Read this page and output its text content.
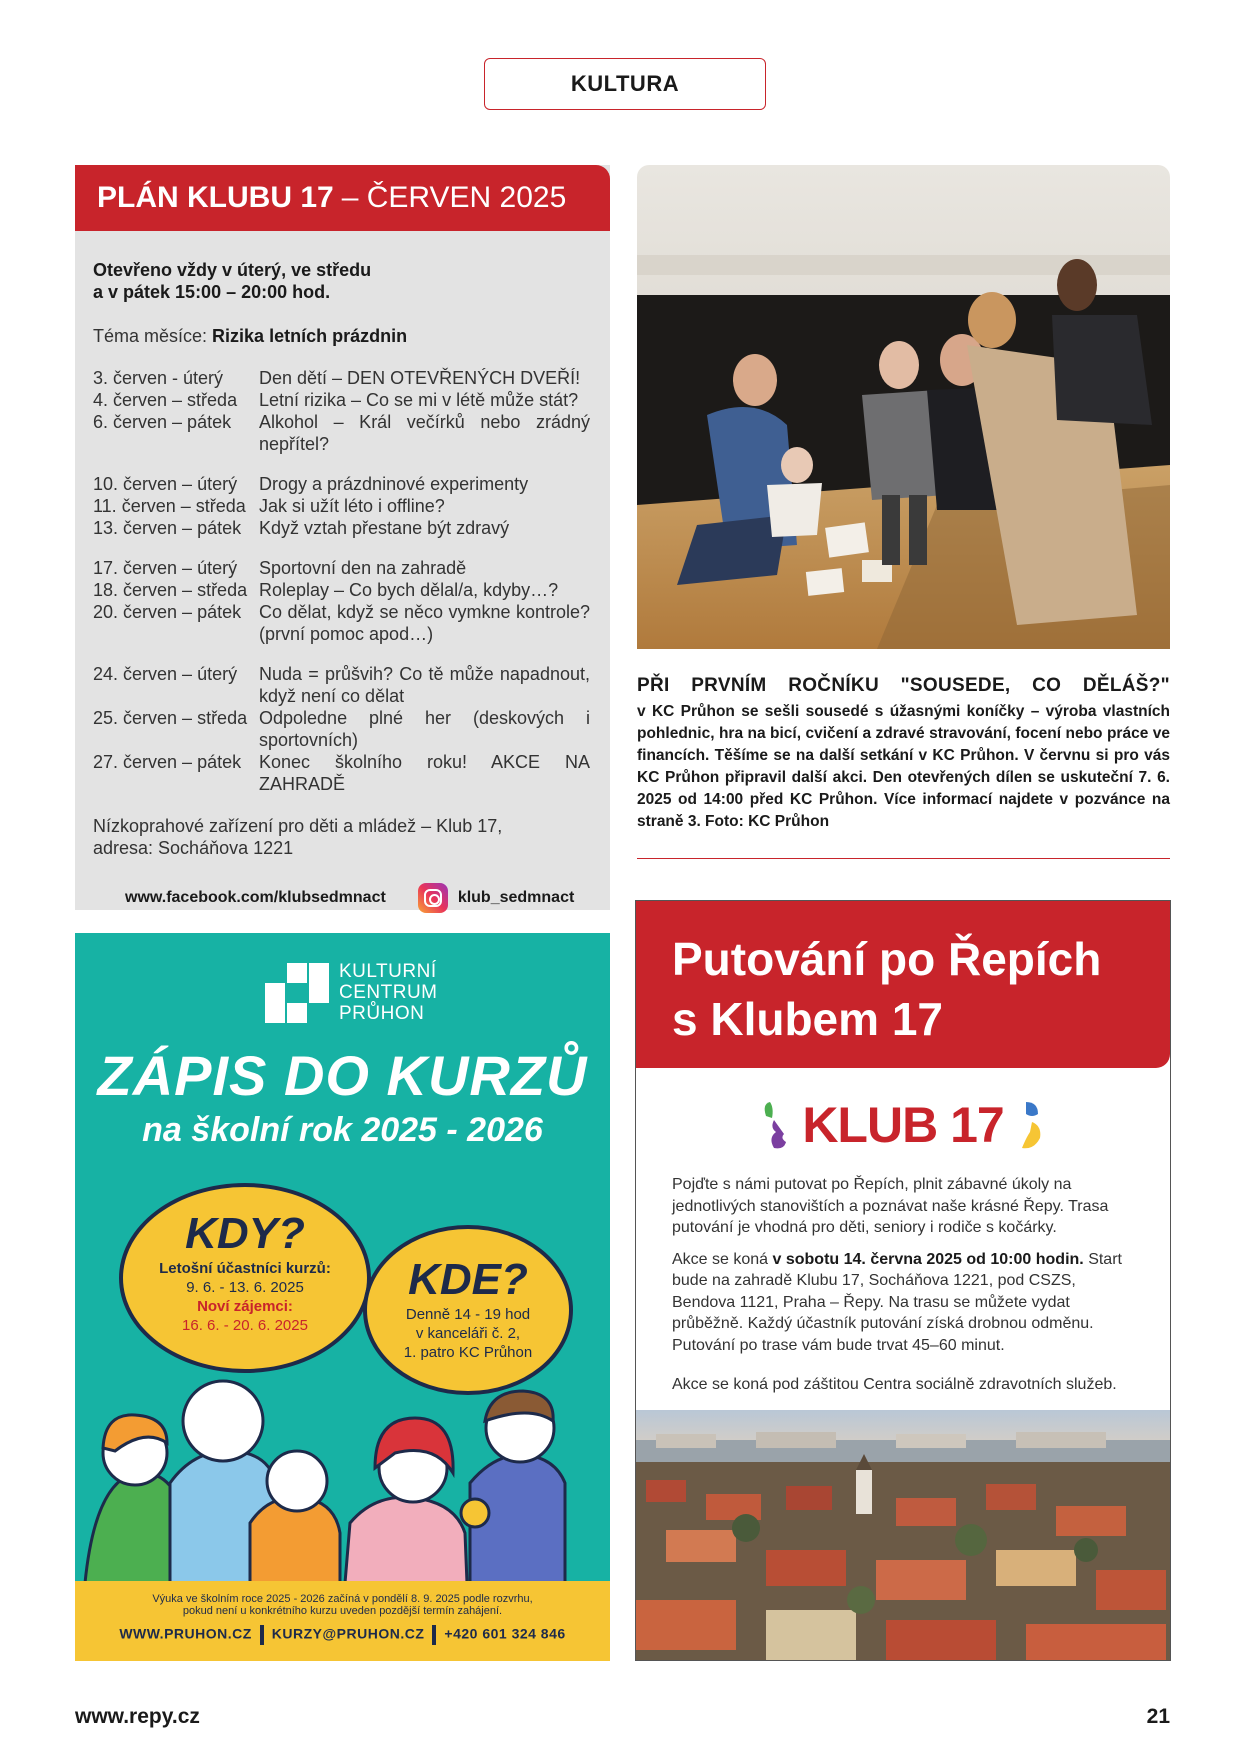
KULTURA
PLÁN KLUBU 17 – ČERVEN 2025
Otevřeno vždy v úterý, ve středu
a v pátek 15:00 – 20:00 hod.
Téma měsíce: Rizika letních prázdnin
3. červen - úterý	Den dětí – DEN OTEVŘENÝCH DVEŘÍ!
4. červen – středa	Letní rizika – Co se mi v létě může stát?
6. červen – pátek	Alkohol – Král večírků nebo zrádný nepřítel?
10. červen – úterý	Drogy a prázdninové experimenty
11. červen – středa Jak si užít léto i offline?
13. červen – pátek Když vztah přestane být zdravý
17. červen – úterý	Sportovní den na zahradě
18. červen – středa Roleplay – Co bych dělal/a, kdyby…?
20. červen – pátek Co dělat, když se něco vymkne kontrole? (první pomoc apod…)
24. červen – úterý	Nuda = průšvih? Co tě může napadnout, když není co dělat
25. červen – středa Odpoledne plné her (deskových i sportovních)
27. červen – pátek Konec školního roku! AKCE NA ZAHRADĚ
Nízkoprahové zařízení pro děti a mládež – Klub 17,
adresa: Socháňova 1221
www.facebook.com/klubsedmnact	klub_sedmnact
PŘI PRVNÍM ROČNÍKU "SOUSEDE, CO DĚLÁŠ?"
v KC Průhon se sešli sousedé s úžasnými koníčky – výroba vlastních pohlednic, hra na bicí, cvičení a zdravé stravování, focení nebo práce ve financích. Těšíme se na další setkání v KC Průhon. V červnu si pro vás KC Průhon připravil další akci. Den otevřených dílen se uskuteční 7. 6. 2025 od 14:00 před KC Průhon. Více informací najdete v pozvánce na straně 3. Foto: KC Průhon
KULTURNÍ
CENTRUM
PRŮHON
ZÁPIS DO KURZŮ
na školní rok 2025 - 2026
KDY?
Letošní účastníci kurzů:
9. 6. - 13. 6. 2025
Noví zájemci:
16. 6. - 20. 6. 2025
KDE?
Denně 14 - 19 hod
v kanceláři č. 2,
1. patro KC Průhon
Výuka ve školním roce 2025 - 2026 začíná v pondělí 8. 9. 2025 podle rozvrhu,
pokud není u konkrétního kurzu uveden pozdější termín zahájení.
WWW.PRUHON.CZ KURZY@PRUHON.CZ +420 601 324 846
Putování po Řepích
s Klubem 17
KLUB 17

Pojďte s námi putovat po Řepích, plnit zábavné úkoly na jednotlivých stanovištích a poznávat naše krásné Řepy. Trasa putování je vhodná pro děti, seniory i rodiče s kočárky.

Akce se koná v sobotu 14. června 2025 od 10:00 hodin. Start bude na zahradě Klubu 17, Socháňova 1221, pod CSZS, Bendova 1121, Praha – Řepy. Na trasu se můžete vydat průběžně. Každý účastník putování získá drobnou odměnu. Putování po trase vám bude trvat 45–60 minut.

Akce se koná pod záštitou Centra sociálně zdravotních služeb.

www.repy.cz	21
